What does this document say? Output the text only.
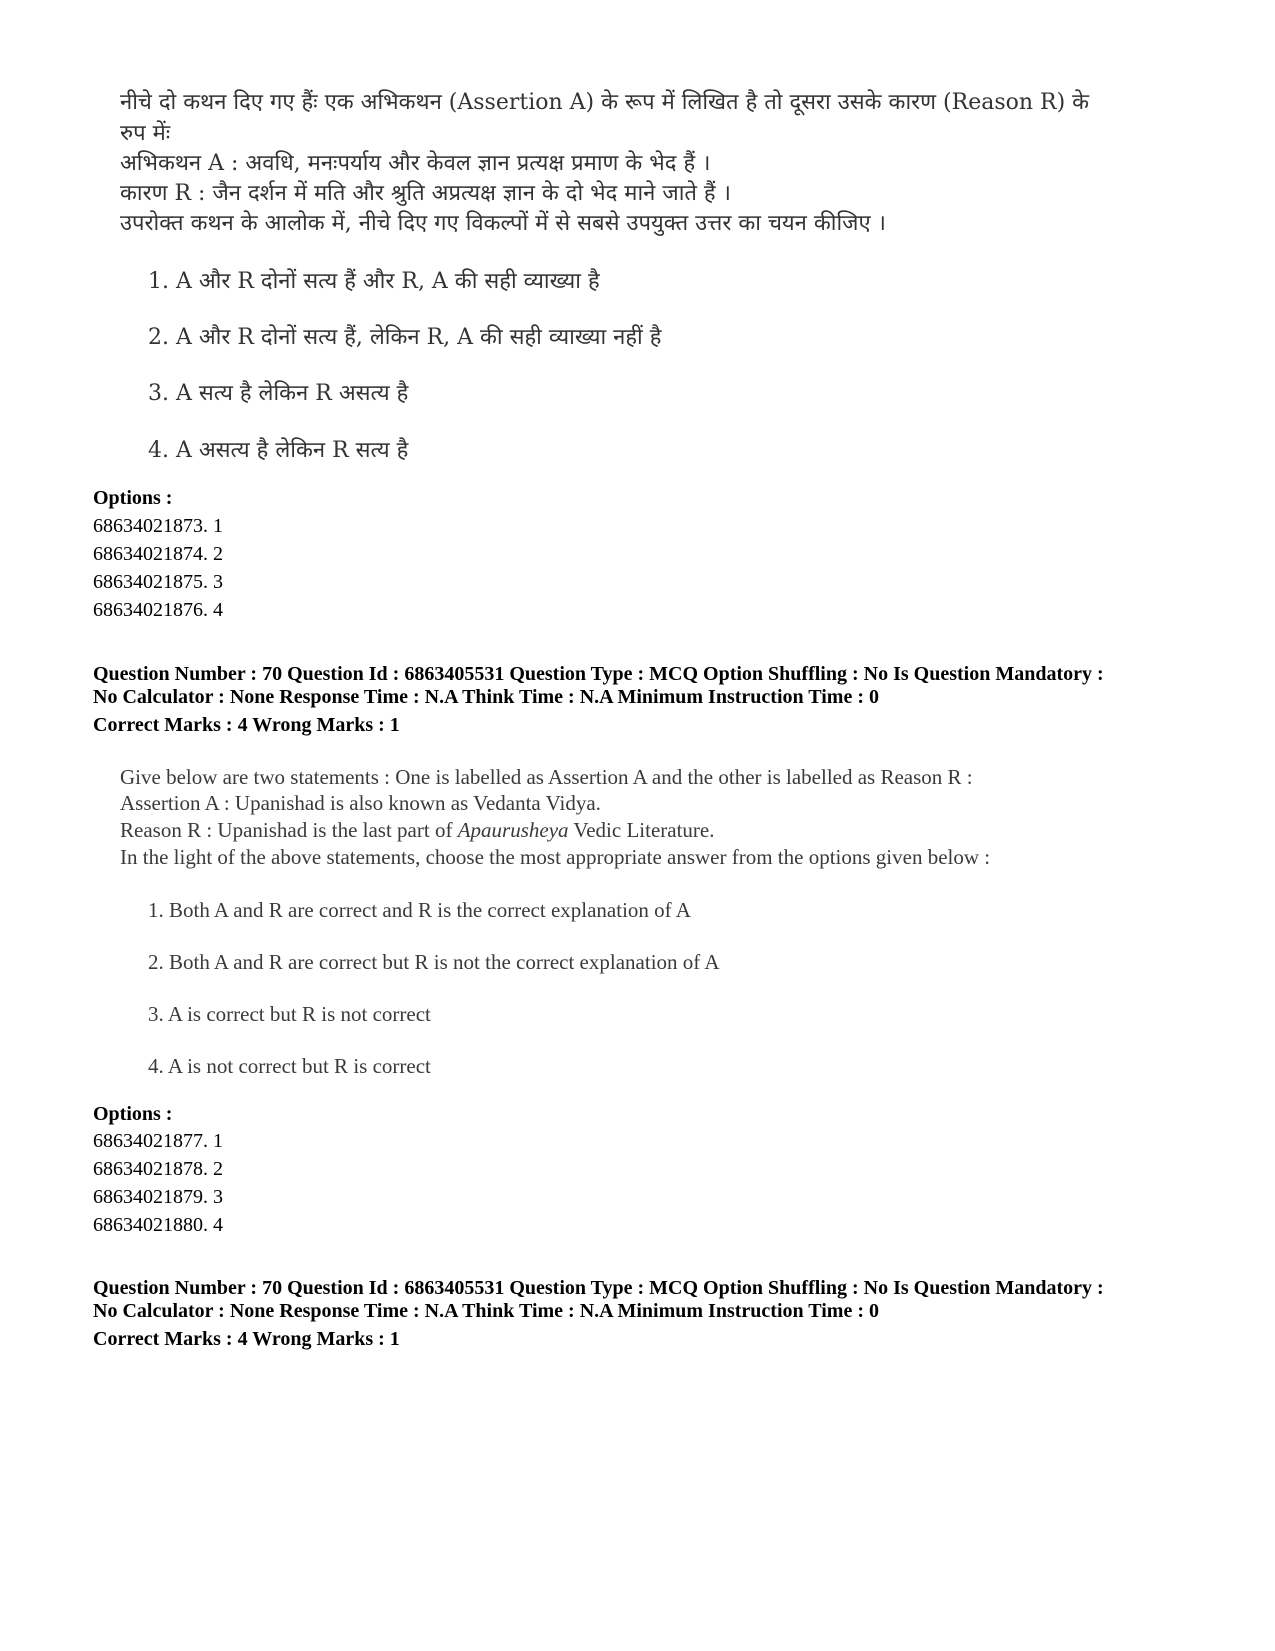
नीचे दो कथन दिए गए हैंः एक अभिकथन (Assertion A) के रूप में लिखित है तो दूसरा उसके कारण (Reason R) के
रुप मेंः
अभिकथन A : अवधि, मनःपर्याय और केवल ज्ञान प्रत्यक्ष प्रमाण के भेद हैं ।
कारण R : जैन दर्शन में मति और श्रुति अप्रत्यक्ष ज्ञान के दो भेद माने जाते हैं ।
उपरोक्त कथन के आलोक में, नीचे दिए गए विकल्पों में से सबसे उपयुक्त उत्तर का चयन कीजिए ।
1. A और R दोनों सत्य हैं और R, A की सही व्याख्या है
2. A और R दोनों सत्य हैं, लेकिन R, A की सही व्याख्या नहीं है
3. A सत्य है लेकिन R असत्य है
4. A असत्य है लेकिन R सत्य है
Options :
68634021873. 1
68634021874. 2
68634021875. 3
68634021876. 4
Question Number : 70 Question Id : 6863405531 Question Type : MCQ Option Shuffling : No Is Question Mandatory :
No Calculator : None Response Time : N.A Think Time : N.A Minimum Instruction Time : 0
Correct Marks : 4 Wrong Marks : 1
Give below are two statements : One is labelled as Assertion A and the other is labelled as Reason R :
Assertion A : Upanishad is also known as Vedanta Vidya.
Reason R : Upanishad is the last part of Apaurusheya Vedic Literature.
In the light of the above statements, choose the most appropriate answer from the options given below :
1. Both A and R are correct and R is the correct explanation of A
2. Both A and R are correct but R is not the correct explanation of A
3. A is correct but R is not correct
4. A is not correct but R is correct
Options :
68634021877. 1
68634021878. 2
68634021879. 3
68634021880. 4
Question Number : 70 Question Id : 6863405531 Question Type : MCQ Option Shuffling : No Is Question Mandatory :
No Calculator : None Response Time : N.A Think Time : N.A Minimum Instruction Time : 0
Correct Marks : 4 Wrong Marks : 1
